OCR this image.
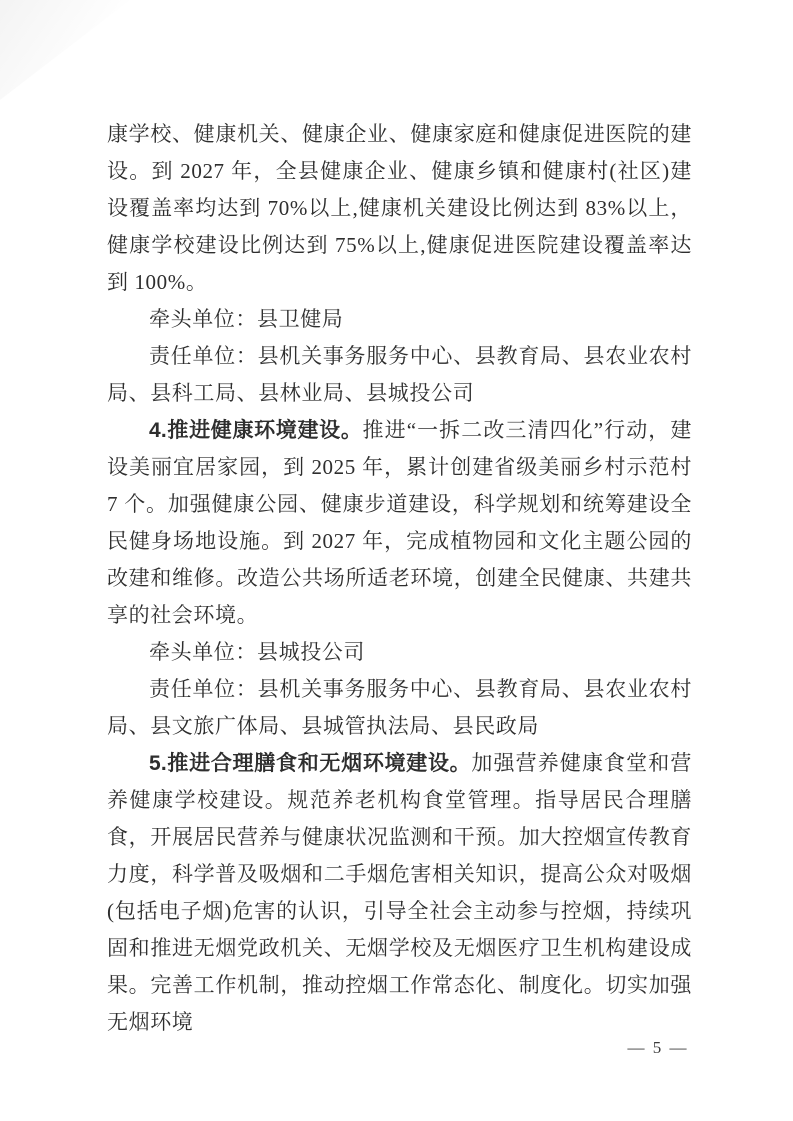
康学校、健康机关、健康企业、健康家庭和健康促进医院的建设。到 2027 年，全县健康企业、健康乡镇和健康村(社区)建设覆盖率均达到 70%以上,健康机关建设比例达到 83%以上，健康学校建设比例达到 75%以上,健康促进医院建设覆盖率达到 100%。

牵头单位：县卫健局

责任单位：县机关事务服务中心、县教育局、县农业农村局、县科工局、县林业局、县城投公司

4.推进健康环境建设。推进“一拆二改三清四化”行动，建设美丽宜居家园，到 2025 年，累计创建省级美丽乡村示范村 7 个。加强健康公园、健康步道建设，科学规划和统筹建设全民健身场地设施。到 2027 年，完成植物园和文化主题公园的改建和维修。改造公共场所适老环境，创建全民健康、共建共享的社会环境。

牵头单位：县城投公司

责任单位：县机关事务服务中心、县教育局、县农业农村局、县文旅广体局、县城管执法局、县民政局

5.推进合理膳食和无烟环境建设。加强营养健康食堂和营养健康学校建设。规范养老机构食堂管理。指导居民合理膳食，开展居民营养与健康状况监测和干预。加大控烟宣传教育力度，科学普及吸烟和二手烟危害相关知识，提高公众对吸烟(包括电子烟)危害的认识，引导全社会主动参与控烟，持续巩固和推进无烟党政机关、无烟学校及无烟医疗卫生机构建设成果。完善工作机制，推动控烟工作常态化、制度化。切实加强无烟环境

— 5 —
